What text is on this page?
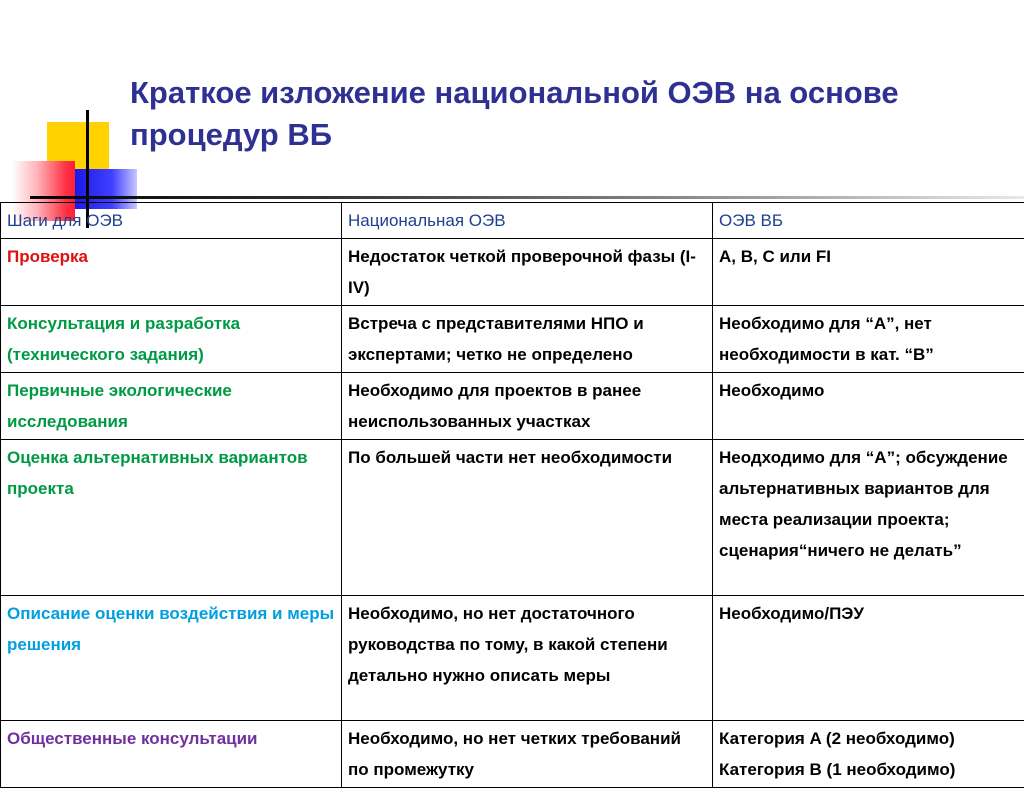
Краткое изложение национальной ОЭВ на основе процедур ВБ
Шаги для ОЭВ	Национальная ОЭВ	ОЭВ ВБ
Проверка	Недостаток четкой проверочной фазы (I-IV)	A, B, C или FI
Консультация и разработка (технического задания)	Встреча с представителями НПО и экспертами; четко не определено	Необходимо для “A”, нет необходимости в кат. “B”
Первичные экологические исследования	Необходимо для проектов в ранее неиспользованных участках	Необходимо
Оценка альтернативных вариантов проекта	По большей части нет необходимости	Неодходимо для “A”; обсуждение альтернативных вариантов для места реализации проекта; сценария“ничего не делать”
Описание оценки воздействия и меры решения	Необходимо, но нет достаточного руководства по тому, в какой степени детально нужно описать меры	Необходимо/ПЭУ
Общественные консультации	Необходимо, но нет четких требований по промежутку	Категория A (2 необходимо) Категория B (1 необходимо)
